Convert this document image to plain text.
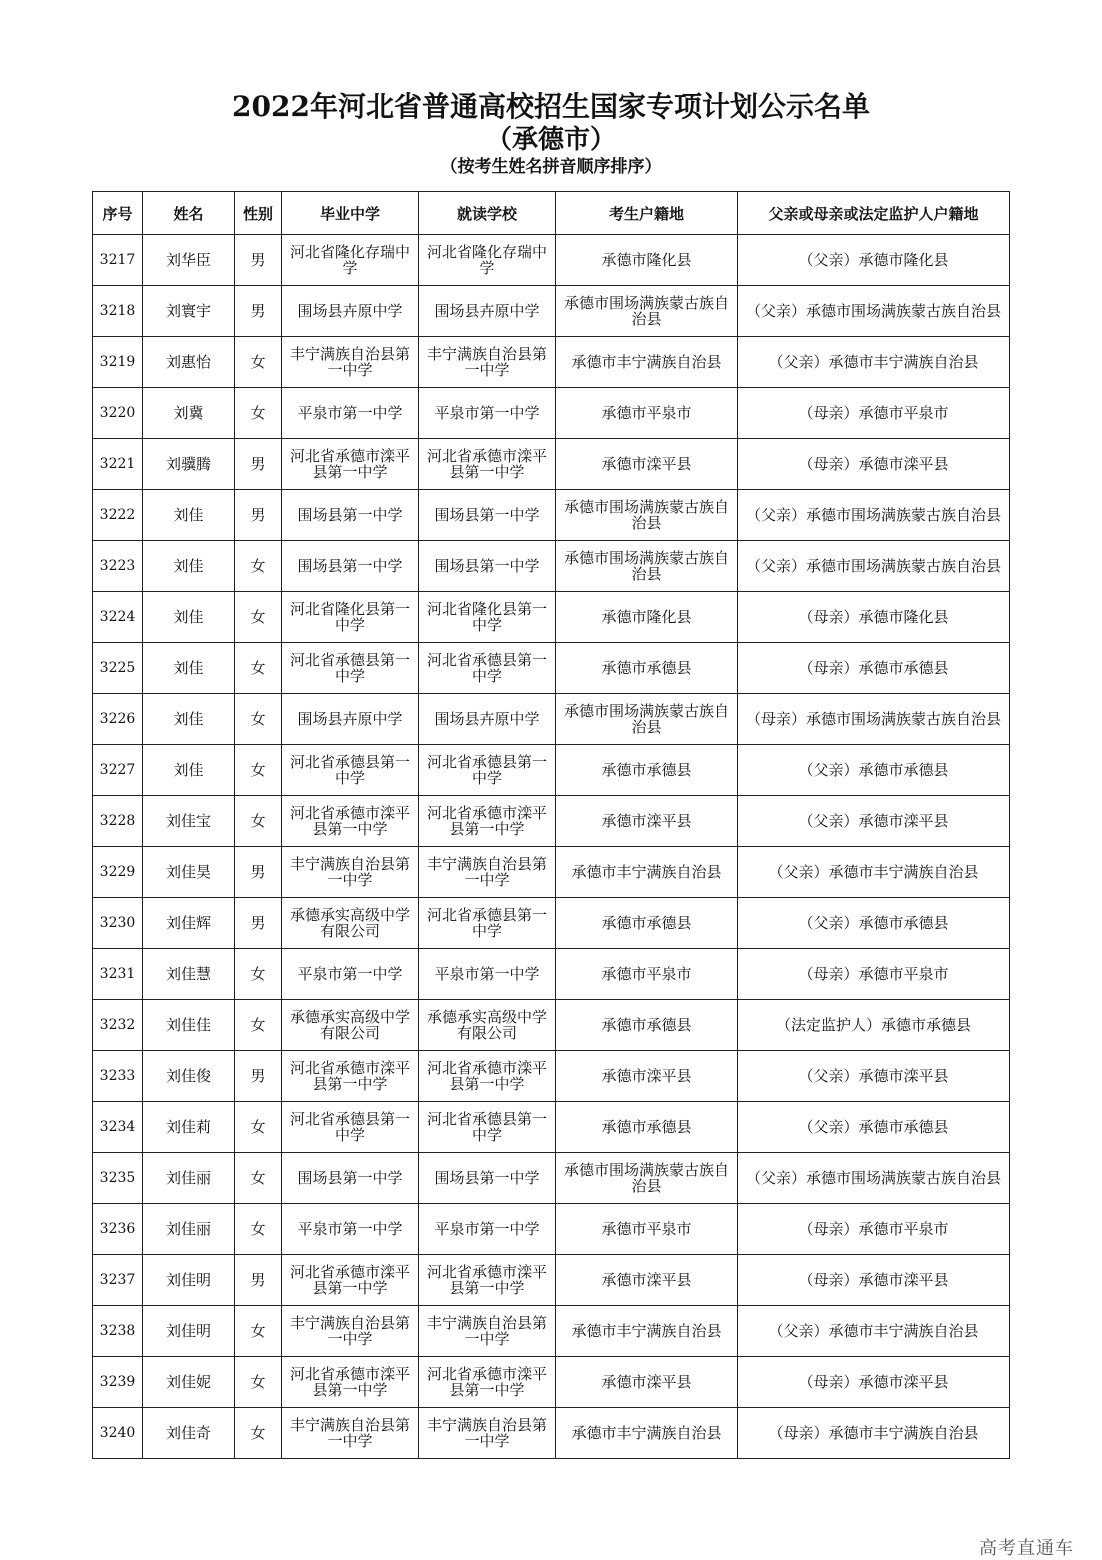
2022年河北省普通高校招生国家专项计划公示名单
（承德市）
（按考生姓名拼音顺序排序）
序号	姓名	性别	毕业中学	就读学校	考生户籍地	父亲或母亲或法定监护人户籍地
3217	刘华臣	男	河北省隆化存瑞中学	河北省隆化存瑞中学	承德市隆化县	（父亲）承德市隆化县
3218	刘寰宇	男	围场县卉原中学	围场县卉原中学	承德市围场满族蒙古族自治县	（父亲）承德市围场满族蒙古族自治县
3219	刘惠怡	女	丰宁满族自治县第一中学	丰宁满族自治县第一中学	承德市丰宁满族自治县	（父亲）承德市丰宁满族自治县
3220	刘冀	女	平泉市第一中学	平泉市第一中学	承德市平泉市	（母亲）承德市平泉市
3221	刘骥腾	男	河北省承德市滦平县第一中学	河北省承德市滦平县第一中学	承德市滦平县	（母亲）承德市滦平县
3222	刘佳	男	围场县第一中学	围场县第一中学	承德市围场满族蒙古族自治县	（父亲）承德市围场满族蒙古族自治县
3223	刘佳	女	围场县第一中学	围场县第一中学	承德市围场满族蒙古族自治县	（父亲）承德市围场满族蒙古族自治县
3224	刘佳	女	河北省隆化县第一中学	河北省隆化县第一中学	承德市隆化县	（母亲）承德市隆化县
3225	刘佳	女	河北省承德县第一中学	河北省承德县第一中学	承德市承德县	（母亲）承德市承德县
3226	刘佳	女	围场县卉原中学	围场县卉原中学	承德市围场满族蒙古族自治县	（母亲）承德市围场满族蒙古族自治县
3227	刘佳	女	河北省承德县第一中学	河北省承德县第一中学	承德市承德县	（父亲）承德市承德县
3228	刘佳宝	女	河北省承德市滦平县第一中学	河北省承德市滦平县第一中学	承德市滦平县	（父亲）承德市滦平县
3229	刘佳昊	男	丰宁满族自治县第一中学	丰宁满族自治县第一中学	承德市丰宁满族自治县	（父亲）承德市丰宁满族自治县
3230	刘佳辉	男	承德承实高级中学有限公司	河北省承德县第一中学	承德市承德县	（父亲）承德市承德县
3231	刘佳慧	女	平泉市第一中学	平泉市第一中学	承德市平泉市	（母亲）承德市平泉市
3232	刘佳佳	女	承德承实高级中学有限公司	承德承实高级中学有限公司	承德市承德县	（法定监护人）承德市承德县
3233	刘佳俊	男	河北省承德市滦平县第一中学	河北省承德市滦平县第一中学	承德市滦平县	（父亲）承德市滦平县
3234	刘佳莉	女	河北省承德县第一中学	河北省承德县第一中学	承德市承德县	（父亲）承德市承德县
3235	刘佳丽	女	围场县第一中学	围场县第一中学	承德市围场满族蒙古族自治县	（父亲）承德市围场满族蒙古族自治县
3236	刘佳丽	女	平泉市第一中学	平泉市第一中学	承德市平泉市	（母亲）承德市平泉市
3237	刘佳明	男	河北省承德市滦平县第一中学	河北省承德市滦平县第一中学	承德市滦平县	（母亲）承德市滦平县
3238	刘佳明	女	丰宁满族自治县第一中学	丰宁满族自治县第一中学	承德市丰宁满族自治县	（父亲）承德市丰宁满族自治县
3239	刘佳妮	女	河北省承德市滦平县第一中学	河北省承德市滦平县第一中学	承德市滦平县	（母亲）承德市滦平县
3240	刘佳奇	女	丰宁满族自治县第一中学	丰宁满族自治县第一中学	承德市丰宁满族自治县	（母亲）承德市丰宁满族自治县
高考直通车
